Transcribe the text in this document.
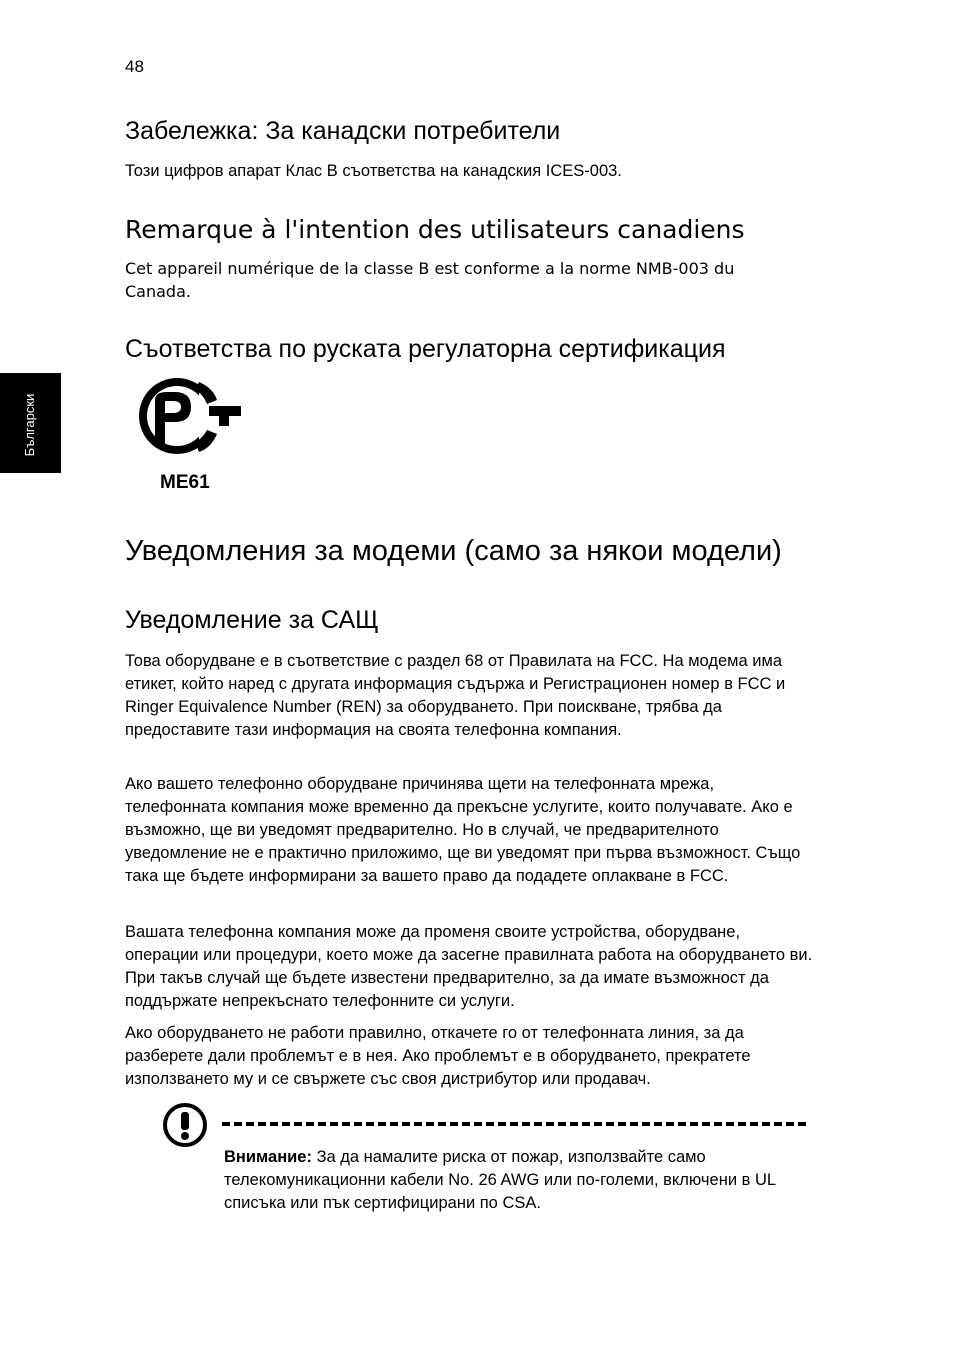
48
Български
Забележка: За канадски потребители

Този цифров апарат Клас B съответства на канадския ICES-003.

Remarque à l'intention des utilisateurs canadiens

Cet appareil numérique de la classe B est conforme a la norme NMB-003 du Canada.

Съответства по руската регулаторна сертификация
ME61
Уведомления за модеми (само за някои модели)
Уведомление за САЩ

Това оборудване е в съответствие с раздел 68 от Правилата на FCC. На модема има етикет, който наред с другата информация съдържа и Регистрационен номер в FCC и Ringer Equivalence Number (REN) за оборудването. При поискване, трябва да предоставите тази информация на своята телефонна компания.

Ако вашето телефонно оборудване причинява щети на телефонната мрежа, телефонната компания може временно да прекъсне услугите, които получавате. Ако е възможно, ще ви уведомят предварително. Но в случай, че предварителното уведомление не е практично приложимо, ще ви уведомят при първа възможност. Също така ще бъдете информирани за вашето право да подадете оплакване в FCC.

Вашата телефонна компания може да променя своите устройства, оборудване, операции или процедури, което може да засегне правилната работа на оборудването ви. При такъв случай ще бъдете известени предварително, за да имате възможност да поддържате непрекъснато телефонните си услуги.

Ако оборудването не работи правилно, откачете го от телефонната линия, за да разберете дали проблемът е в нея. Ако проблемът е в оборудването, прекратете използването му и се свържете със своя дистрибутор или продавач.

Внимание: За да намалите риска от пожар, използвайте само телекомуникационни кабели No. 26 AWG или по-големи, включени в UL списъка или пък сертифицирани по CSA.
